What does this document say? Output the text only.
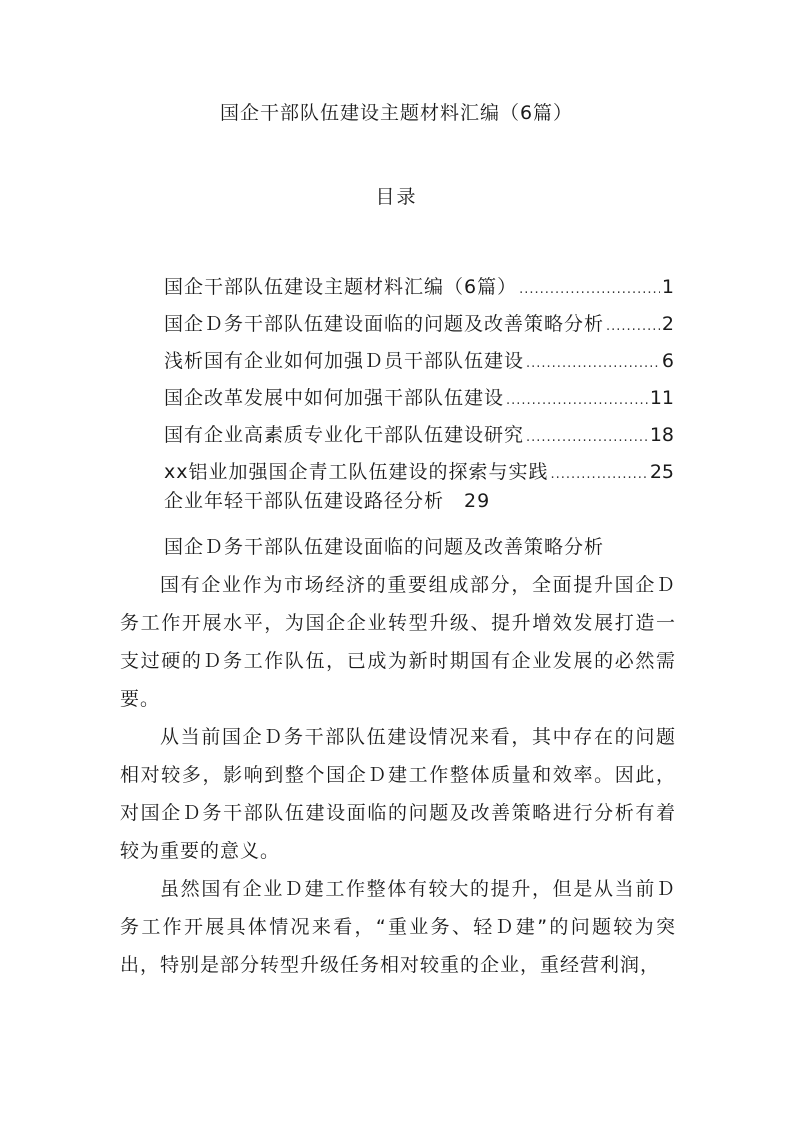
国企干部队伍建设主题材料汇编（6篇）
目录
国企干部队伍建设主题材料汇编（6篇） .....	1
国企Ｄ务干部队伍建设面临的问题及改善策略分析 .....	2
浅析国有企业如何加强Ｄ员干部队伍建设 .....	6
国企改革发展中如何加强干部队伍建设 .....	11
国有企业高素质专业化干部队伍建设研究 .....	18
xx铝业加强国企青工队伍建设的探索与实践 .....	25
企业年轻干部队伍建设路径分析 29
国企Ｄ务干部队伍建设面临的问题及改善策略分析

国有企业作为市场经济的重要组成部分，全面提升国企Ｄ务工作开展水平，为国企企业转型升级、提升增效发展打造一支过硬的Ｄ务工作队伍，已成为新时期国有企业发展的必然需要。

从当前国企Ｄ务干部队伍建设情况来看，其中存在的问题相对较多，影响到整个国企Ｄ建工作整体质量和效率。因此，对国企Ｄ务干部队伍建设面临的问题及改善策略进行分析有着较为重要的意义。

虽然国有企业Ｄ建工作整体有较大的提升，但是从当前Ｄ务工作开展具体情况来看，“重业务、轻Ｄ建”的问题较为突出，特别是部分转型升级任务相对较重的企业，重经营利润，
